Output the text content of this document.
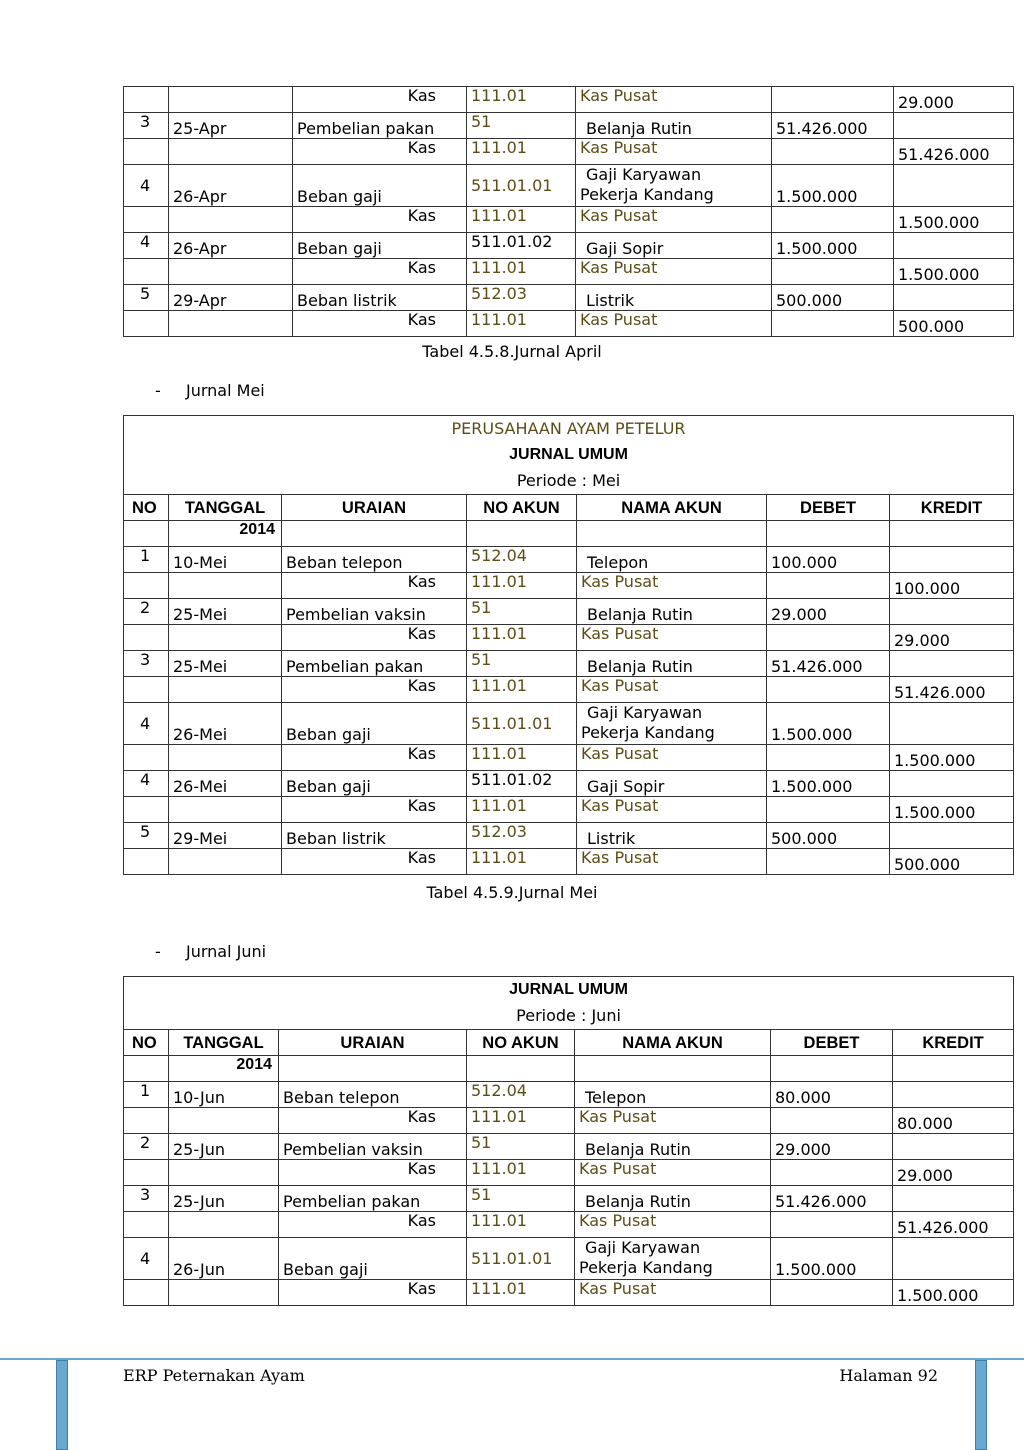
		Kas	111.01	Kas Pusat		29.000
3	25-Apr	Pembelian pakan	51	Belanja Rutin	51.426.000	
		Kas	111.01	Kas Pusat		51.426.000
4	26-Apr	Beban gaji	511.01.01	Gaji Karyawan
Pekerja Kandang	1.500.000	
		Kas	111.01	Kas Pusat		1.500.000
4	26-Apr	Beban gaji	511.01.02	Gaji Sopir	1.500.000	
		Kas	111.01	Kas Pusat		1.500.000
5	29-Apr	Beban listrik	512.03	Listrik	500.000	
		Kas	111.01	Kas Pusat		500.000
Tabel 4.5.8.Jurnal April
- Jurnal Mei
PERUSAHAAN AYAM PETELUR
JURNAL UMUM
Periode : Mei						

NO	TANGGAL	URAIAN	NO AKUN	NAMA AKUN	DEBET	KREDIT
	2014					
1	10-Mei	Beban telepon	512.04	Telepon	100.000	
		Kas	111.01	Kas Pusat		100.000
2	25-Mei	Pembelian vaksin	51	Belanja Rutin	29.000	
		Kas	111.01	Kas Pusat		29.000
3	25-Mei	Pembelian pakan	51	Belanja Rutin	51.426.000	
		Kas	111.01	Kas Pusat		51.426.000
4	26-Mei	Beban gaji	511.01.01	Gaji Karyawan
Pekerja Kandang	1.500.000	
		Kas	111.01	Kas Pusat		1.500.000
4	26-Mei	Beban gaji	511.01.02	Gaji Sopir	1.500.000	
		Kas	111.01	Kas Pusat		1.500.000
5	29-Mei	Beban listrik	512.03	Listrik	500.000	
		Kas	111.01	Kas Pusat		500.000
Tabel 4.5.9.Jurnal Mei
- Jurnal Juni
JURNAL UMUM
Periode : Juni						

NO	TANGGAL	URAIAN	NO AKUN	NAMA AKUN	DEBET	KREDIT
	2014					
1	10-Jun	Beban telepon	512.04	Telepon	80.000	
		Kas	111.01	Kas Pusat		80.000
2	25-Jun	Pembelian vaksin	51	Belanja Rutin	29.000	
		Kas	111.01	Kas Pusat		29.000
3	25-Jun	Pembelian pakan	51	Belanja Rutin	51.426.000	
		Kas	111.01	Kas Pusat		51.426.000
4	26-Jun	Beban gaji	511.01.01	Gaji Karyawan
Pekerja Kandang	1.500.000	
		Kas	111.01	Kas Pusat		1.500.000
ERP Peternakan Ayam	Halaman 92
